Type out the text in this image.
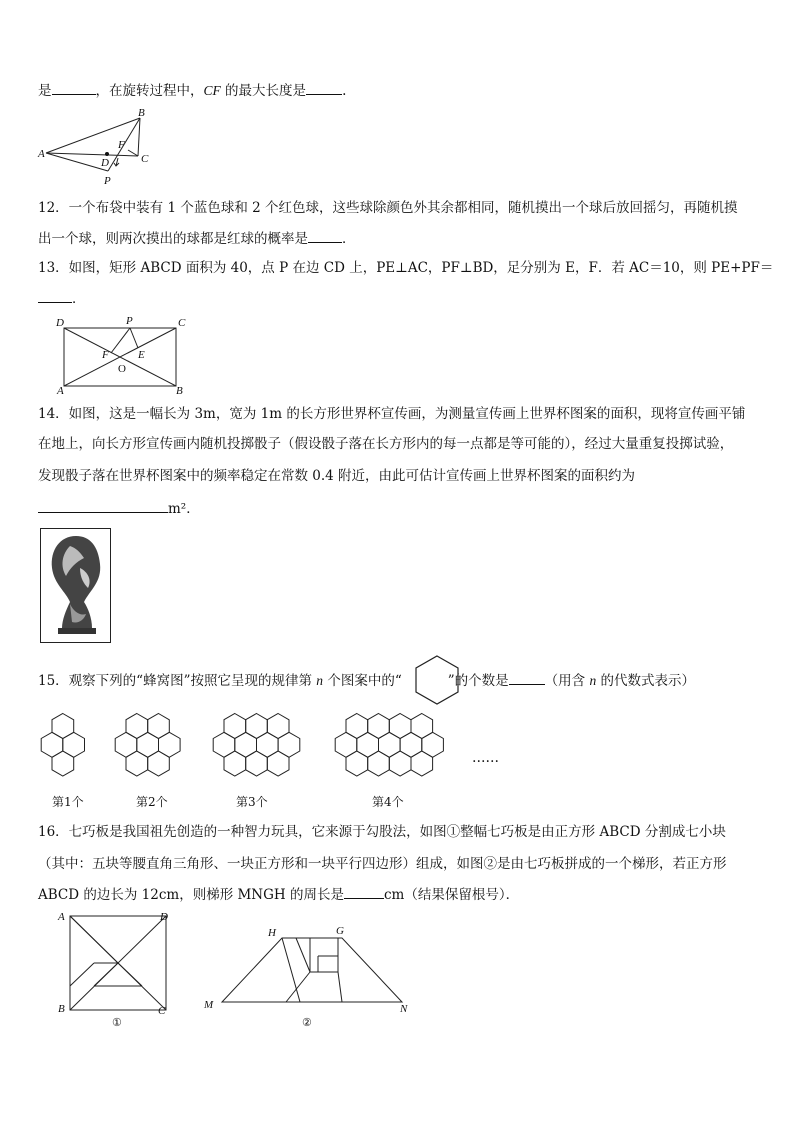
是	，在旋转过程中，CF 的最大长度是	.
A
B
C
D
F
P
12．一个布袋中装有 1 个蓝色球和 2 个红色球，这些球除颜色外其余都相同，随机摸出一个球后放回摇匀，再随机摸
出一个球，则两次摸出的球都是红球的概率是	．
13．如图，矩形 ABCD 面积为 40，点 P 在边 CD 上，PE⊥AC，PF⊥BD，足分别为 E，F．若 AC＝10，则 PE+PF＝
．
D	P	C
F	E
O
A	B
14．如图，这是一幅长为 3m，宽为 1m 的长方形世界杯宣传画，为测量宣传画上世界杯图案的面积，现将宣传画平铺
在地上，向长方形宣传画内随机投掷骰子（假设骰子落在长方形内的每一点都是等可能的），经过大量重复投掷试验，
发现骰子落在世界杯图案中的频率稳定在常数 0.4 附近，由此可估计宣传画上世界杯图案的面积约为
m²．
15．观察下列的“蜂窝图”按照它呈现的规律第 n 个图案中的“	”的个数是	（用含 n 的代数式表示）
……
第1个	第2个	第3个	第4个
16．七巧板是我国祖先创造的一种智力玩具，它来源于勾股法，如图①整幅七巧板是由正方形 ABCD 分割成七小块
（其中：五块等腰直角三角形、一块正方形和一块平行四边形）组成，如图②是由七巧板拼成的一个梯形，若正方形
ABCD 的边长为 12cm，则梯形 MNGH 的周长是	cm（结果保留根号）．
A	D
B	C
①
H	G
M	N
②
